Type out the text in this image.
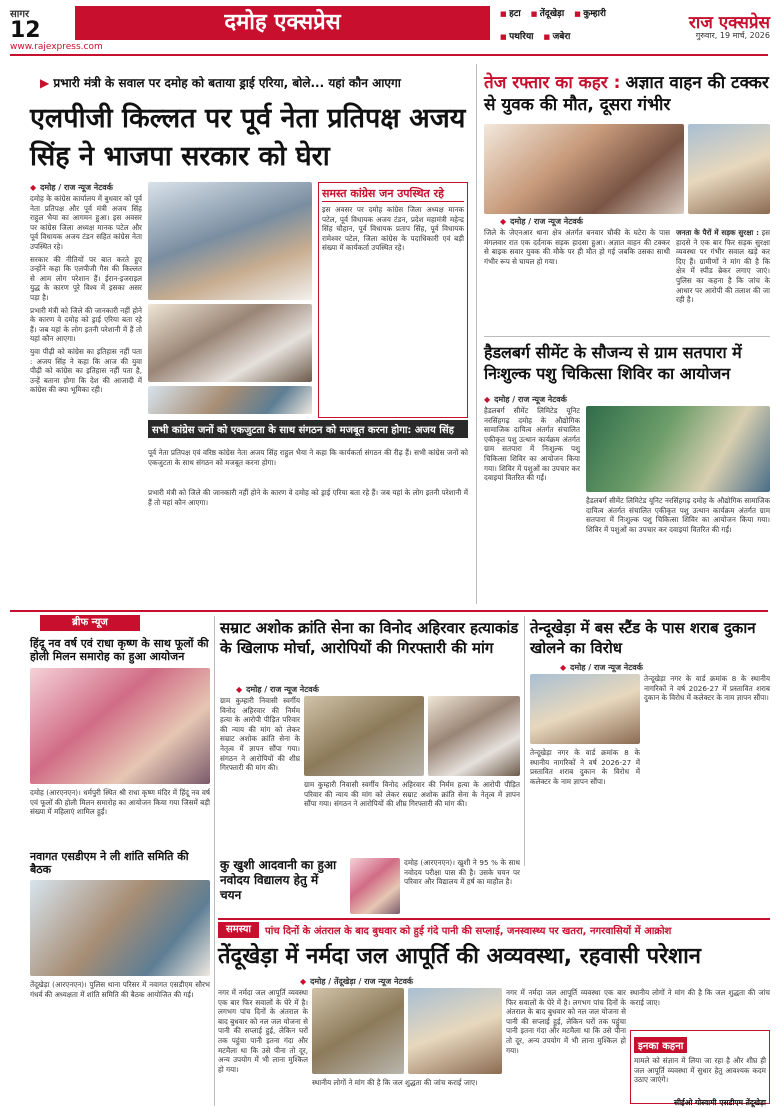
सागर
12	दमोह एक्सप्रेस	■ हटा	■ तेंदूखेड़ा	■ कुम्हारी
■ पथरिया	■ जबेरा
राज एक्सप्रेस
गुरुवार, 19 मार्च, 2026
www.rajexpress.com
▶ प्रभारी मंत्री के सवाल पर दमोह को बताया ड्राई एरिया, बोले... यहां कौन आएगा
एलपीजी किल्लत पर पूर्व नेता प्रतिपक्ष अजय सिंह ने भाजपा सरकार को घेरा
◆ दमोह / राज न्यूज नेटवर्क

दमोह के कांग्रेस कार्यालय में बुधवार को पूर्व नेता प्रतिपक्ष और पूर्व मंत्री अजय सिंह राहुल भैया का आगमन हुआ। इस अवसर पर कांग्रेस जिला अध्यक्ष मानक पटेल और पूर्व विधायक अजय टंडन सहित कांग्रेस नेता उपस्थित रहे।

सरकार की नीतियों पर बात करते हुए उन्होंने कहा कि एलपीजी गैस की किल्लत से आम लोग परेशान हैं। ईरान-इजराइल युद्ध के कारण पूरे विश्व में इसका असर पड़ा है।

प्रभारी मंत्री को जिले की जानकारी नहीं होने के कारण वे दमोह को ड्राई एरिया बता रहे हैं। जब यहां के लोग इतनी परेशानी में हैं तो यहां कौन आएगा।

युवा पीढ़ी को कांग्रेस का इतिहास नहीं पता : अजय सिंह ने कहा कि आज की युवा पीढ़ी को कांग्रेस का इतिहास नहीं पता है, उन्हें बताना होगा कि देश की आजादी में कांग्रेस की क्या भूमिका रही।

समस्त कांग्रेस जन उपस्थित रहे
इस अवसर पर दमोह कांग्रेस जिला अध्यक्ष मानक पटेल, पूर्व विधायक अजय टंडन, प्रदेश महामंत्री महेन्द्र सिंह चौहान, पूर्व विधायक प्रताप सिंह, पूर्व विधायक रामेश्वर पटेल, जिला कांग्रेस के पदाधिकारी एवं बड़ी संख्या में कार्यकर्ता उपस्थित रहे।
सभी कांग्रेस जनों को एकजुटता के साथ संगठन को मजबूत करना होगा: अजय सिंह
पूर्व नेता प्रतिपक्ष एवं वरिष्ठ कांग्रेस नेता अजय सिंह राहुल भैया ने कहा कि कार्यकर्ता संगठन की रीढ़ हैं। सभी कांग्रेस जनों को एकजुटता के साथ संगठन को मजबूत करना होगा।
प्रभारी मंत्री को जिले की जानकारी नहीं होने के कारण वे दमोह को ड्राई एरिया बता रहे हैं। जब यहां के लोग इतनी परेशानी में हैं तो यहां कौन आएगा।
तेज रफ्तार का कहर : अज्ञात वाहन की टक्कर से युवक की मौत, दूसरा गंभीर
◆ दमोह / राज न्यूज नेटवर्क
जिले के जेएनआर थाना क्षेत्र अंतर्गत बनवार चौकी के घटेरा के पास मंगलवार रात एक दर्दनाक सड़क हादसा हुआ। अज्ञात वाहन की टक्कर से बाइक सवार युवक की मौके पर ही मौत हो गई जबकि उसका साथी गंभीर रूप से घायल हो गया।
जनता के पैरों में सड़क सुरक्षा : इस हादसे ने एक बार फिर सड़क सुरक्षा व्यवस्था पर गंभीर सवाल खड़े कर दिए हैं। ग्रामीणों ने मांग की है कि क्षेत्र में स्पीड ब्रेकर लगाए जाएं। पुलिस का कहना है कि जांच के आधार पर आरोपी की तलाश की जा रही है।
हैडलबर्ग सीमेंट के सौजन्य से ग्राम सतपारा में निःशुल्क पशु चिकित्सा शिविर का आयोजन
◆ दमोह / राज न्यूज नेटवर्क
हैडलबर्ग सीमेंट लिमिटेड यूनिट नरसिंहगढ़ दमोह के औद्योगिक सामाजिक दायित्व अंतर्गत संचालित एकीकृत पशु उत्थान कार्यक्रम अंतर्गत ग्राम सतपारा में निःशुल्क पशु चिकित्सा शिविर का आयोजन किया गया। शिविर में पशुओं का उपचार कर दवाइयां वितरित की गईं।
हैडलबर्ग सीमेंट लिमिटेड यूनिट नरसिंहगढ़ दमोह के औद्योगिक सामाजिक दायित्व अंतर्गत संचालित एकीकृत पशु उत्थान कार्यक्रम अंतर्गत ग्राम सतपारा में निःशुल्क पशु चिकित्सा शिविर का आयोजन किया गया। शिविर में पशुओं का उपचार कर दवाइयां वितरित की गईं।
ब्रीफ न्यूज
हिंदू नव वर्ष एवं राधा कृष्ण के साथ फूलों की होली मिलन समारोह का हुआ आयोजन
दमोह (आरएनएन)। धर्मपुरी स्थित श्री राधा कृष्ण मंदिर में हिंदू नव वर्ष एवं फूलों की होली मिलन समारोह का आयोजन किया गया जिसमें बड़ी संख्या में महिलाएं शामिल हुईं।
नवागत एसडीएम ने ली शांति समिति की बैठक
तेंदूखेड़ा (आरएनएन)। पुलिस थाना परिसर में नवागत एसडीएम सौरभ गंधर्व की अध्यक्षता में शांति समिति की बैठक आयोजित की गई।
सम्राट अशोक क्रांति सेना का विनोद अहिरवार हत्याकांड के खिलाफ मोर्चा, आरोपियों की गिरफ्तारी की मांग
◆ दमोह / राज न्यूज नेटवर्क
ग्राम कुम्हारी निवासी स्वर्गीय विनोद अहिरवार की निर्मम हत्या के आरोपी पीड़ित परिवार की न्याय की मांग को लेकर सम्राट अशोक क्रांति सेना के नेतृत्व में ज्ञापन सौंपा गया। संगठन ने आरोपियों की शीघ्र गिरफ्तारी की मांग की।
ग्राम कुम्हारी निवासी स्वर्गीय विनोद अहिरवार की निर्मम हत्या के आरोपी पीड़ित परिवार की न्याय की मांग को लेकर सम्राट अशोक क्रांति सेना के नेतृत्व में ज्ञापन सौंपा गया। संगठन ने आरोपियों की शीघ्र गिरफ्तारी की मांग की।
तेन्दूखेड़ा में बस स्टैंड के पास शराब दुकान खोलने का विरोध
◆ दमोह / राज न्यूज नेटवर्क
तेन्दूखेड़ा नगर के वार्ड क्रमांक 8 के स्थानीय नागरिकों ने वर्ष 2026-27 में प्रस्तावित शराब दुकान के विरोध में कलेक्टर के नाम ज्ञापन सौंपा।
तेन्दूखेड़ा नगर के वार्ड क्रमांक 8 के स्थानीय नागरिकों ने वर्ष 2026-27 में प्रस्तावित शराब दुकान के विरोध में कलेक्टर के नाम ज्ञापन सौंपा।
कु खुशी आदवानी का हुआ नवोदय विद्यालय हेतु में चयन
दमोह (आरएनएन)। खुशी ने 95 % के साथ नवोदय परीक्षा पास की है। उसके चयन पर परिवार और विद्यालय में हर्ष का माहौल है।
समस्या	पांच दिनों के अंतराल के बाद बुधवार को हुई गंदे पानी की सप्लाई, जनस्वास्थ्य पर खतरा, नगरवासियों में आक्रोश
तेंदूखेड़ा में नर्मदा जल आपूर्ति की अव्यवस्था, रहवासी परेशान
◆ दमोह / तेंदूखेड़ा / राज न्यूज नेटवर्क
नगर में नर्मदा जल आपूर्ति व्यवस्था एक बार फिर सवालों के घेरे में है। लगभग पांच दिनों के अंतराल के बाद बुधवार को नल जल योजना से पानी की सप्लाई हुई, लेकिन घरों तक पहुंचा पानी इतना गंदा और मटमैला था कि उसे पीना तो दूर, अन्य उपयोग में भी लाना मुश्किल हो गया।
स्थानीय लोगों ने मांग की है कि जल शुद्धता की जांच कराई जाए।
नगर में नर्मदा जल आपूर्ति व्यवस्था एक बार फिर सवालों के घेरे में है। लगभग पांच दिनों के अंतराल के बाद बुधवार को नल जल योजना से पानी की सप्लाई हुई, लेकिन घरों तक पहुंचा पानी इतना गंदा और मटमैला था कि उसे पीना तो दूर, अन्य उपयोग में भी लाना मुश्किल हो गया।	इनका कहना
मामले को संज्ञान में लिया जा रहा है और शीघ्र ही जल आपूर्ति व्यवस्था में सुधार हेतु आवश्यक कदम उठाए जाएंगे।
सीईओ गोस्वामी एसडीएम तेंदूखेड़ा
स्थानीय लोगों ने मांग की है कि जल शुद्धता की जांच कराई जाए।
